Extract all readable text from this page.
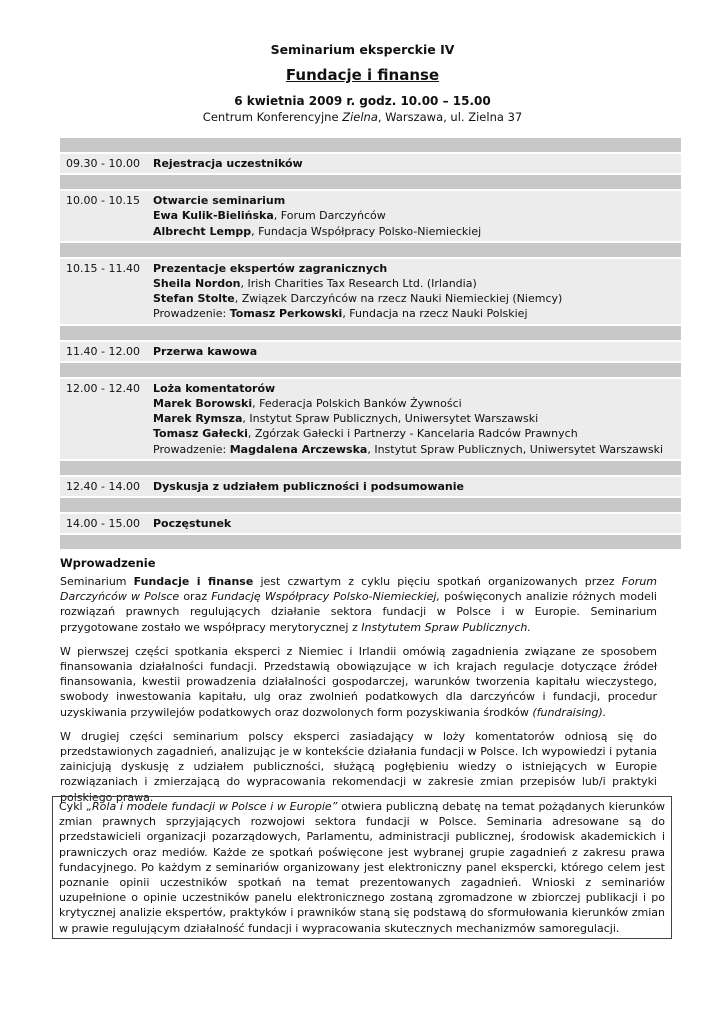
Seminarium eksperckie IV
Fundacje i finanse
6 kwietnia 2009 r. godz. 10.00 – 15.00
Centrum Konferencyjne Zielna, Warszawa, ul. Zielna 37
09.30 - 10.00	Rejestracja uczestników
10.00 - 10.15	Otwarcie seminarium
Ewa Kulik-Bielińska, Forum Darczyńców
Albrecht Lempp, Fundacja Współpracy Polsko-Niemieckiej
10.15 - 11.40	Prezentacje ekspertów zagranicznych
Sheila Nordon, Irish Charities Tax Research Ltd. (Irlandia)
Stefan Stolte, Związek Darczyńców na rzecz Nauki Niemieckiej (Niemcy)
Prowadzenie: Tomasz Perkowski, Fundacja na rzecz Nauki Polskiej
11.40 - 12.00	Przerwa kawowa
12.00 - 12.40	Loża komentatorów
Marek Borowski, Federacja Polskich Banków Żywności
Marek Rymsza, Instytut Spraw Publicznych, Uniwersytet Warszawski
Tomasz Gałecki, Zgórzak Gałecki i Partnerzy - Kancelaria Radców Prawnych
Prowadzenie: Magdalena Arczewska, Instytut Spraw Publicznych, Uniwersytet Warszawski
12.40 - 14.00	Dyskusja z udziałem publiczności i podsumowanie
14.00 - 15.00	Poczęstunek
Wprowadzenie

Seminarium Fundacje i finanse jest czwartym z cyklu pięciu spotkań organizowanych przez Forum Darczyńców w Polsce oraz Fundację Współpracy Polsko-Niemieckiej, poświęconych analizie różnych modeli rozwiązań prawnych regulujących działanie sektora fundacji w Polsce i w Europie. Seminarium przygotowane zostało we współpracy merytorycznej z Instytutem Spraw Publicznych.

W pierwszej części spotkania eksperci z Niemiec i Irlandii omówią zagadnienia związane ze sposobem finansowania działalności fundacji. Przedstawią obowiązujące w ich krajach regulacje dotyczące źródeł finansowania, kwestii prowadzenia działalności gospodarczej, warunków tworzenia kapitału wieczystego, swobody inwestowania kapitału, ulg oraz zwolnień podatkowych dla darczyńców i fundacji, procedur uzyskiwania przywilejów podatkowych oraz dozwolonych form pozyskiwania środków (fundraising).

W drugiej części seminarium polscy eksperci zasiadający w loży komentatorów odniosą się do przedstawionych zagadnień, analizując je w kontekście działania fundacji w Polsce. Ich wypowiedzi i pytania zainicjują dyskusję z udziałem publiczności, służącą pogłębieniu wiedzy o istniejących w Europie rozwiązaniach i zmierzającą do wypracowania rekomendacji w zakresie zmian przepisów lub/i praktyki polskiego prawa.

Cykl „Rola i modele fundacji w Polsce i w Europie” otwiera publiczną debatę na temat pożądanych kierunków zmian prawnych sprzyjających rozwojowi sektora fundacji w Polsce. Seminaria adresowane są do przedstawicieli organizacji pozarządowych, Parlamentu, administracji publicznej, środowisk akademickich i prawniczych oraz mediów. Każde ze spotkań poświęcone jest wybranej grupie zagadnień z zakresu prawa fundacyjnego. Po każdym z seminariów organizowany jest elektroniczny panel ekspercki, którego celem jest poznanie opinii uczestników spotkań na temat prezentowanych zagadnień. Wnioski z seminariów uzupełnione o opinie uczestników panelu elektronicznego zostaną zgromadzone w zbiorczej publikacji i po krytycznej analizie ekspertów, praktyków i prawników staną się podstawą do sformułowania kierunków zmian w prawie regulującym działalność fundacji i wypracowania skutecznych mechanizmów samoregulacji.
